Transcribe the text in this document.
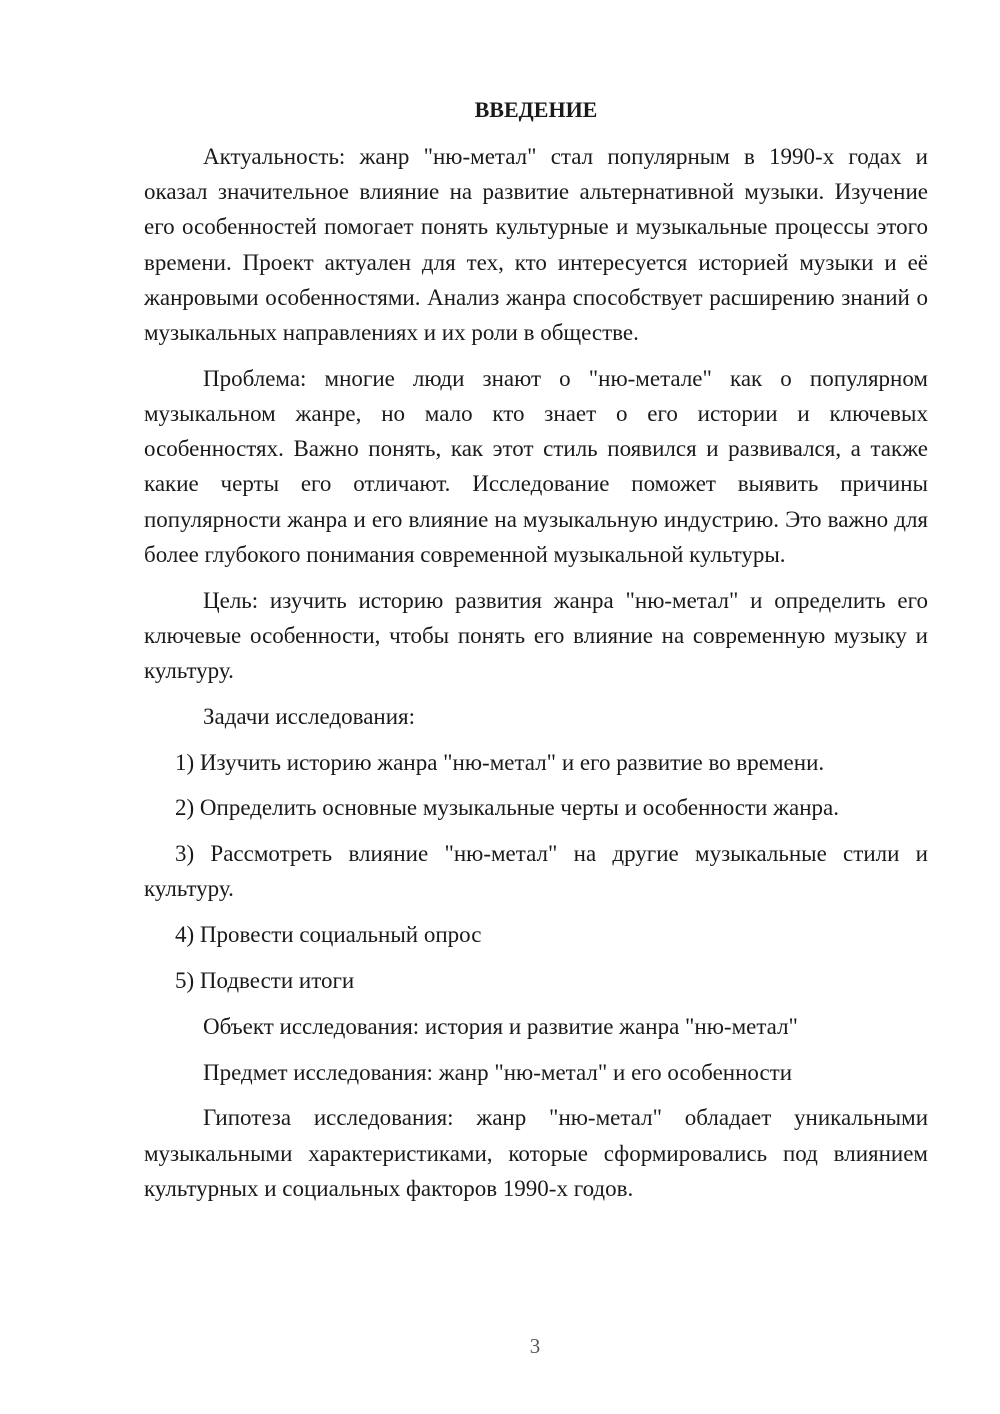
ВВЕДЕНИЕ

Актуальность: жанр "ню-метал" стал популярным в 1990-х годах и оказал значительное влияние на развитие альтернативной музыки. Изучение его особенностей помогает понять культурные и музыкальные процессы этого времени. Проект актуален для тех, кто интересуется историей музыки и её жанровыми особенностями. Анализ жанра способствует расширению знаний о музыкальных направлениях и их роли в обществе.

Проблема: многие люди знают о "ню-метале" как о популярном музыкальном жанре, но мало кто знает о его истории и ключевых особенностях. Важно понять, как этот стиль появился и развивался, а также какие черты его отличают. Исследование поможет выявить причины популярности жанра и его влияние на музыкальную индустрию. Это важно для более глубокого понимания современной музыкальной культуры.

Цель: изучить историю развития жанра "ню-метал" и определить его ключевые особенности, чтобы понять его влияние на современную музыку и культуру.

Задачи исследования:

1) Изучить историю жанра "ню-метал" и его развитие во времени.

2) Определить основные музыкальные черты и особенности жанра.

3) Рассмотреть влияние "ню-метал" на другие музыкальные стили и культуру.

4) Провести социальный опрос

5) Подвести итоги

Объект исследования: история и развитие жанра "ню-метал"

Предмет исследования: жанр "ню-метал" и его особенности

Гипотеза исследования: жанр "ню-метал" обладает уникальными музыкальными характеристиками, которые сформировались под влиянием культурных и социальных факторов 1990-х годов.

3
